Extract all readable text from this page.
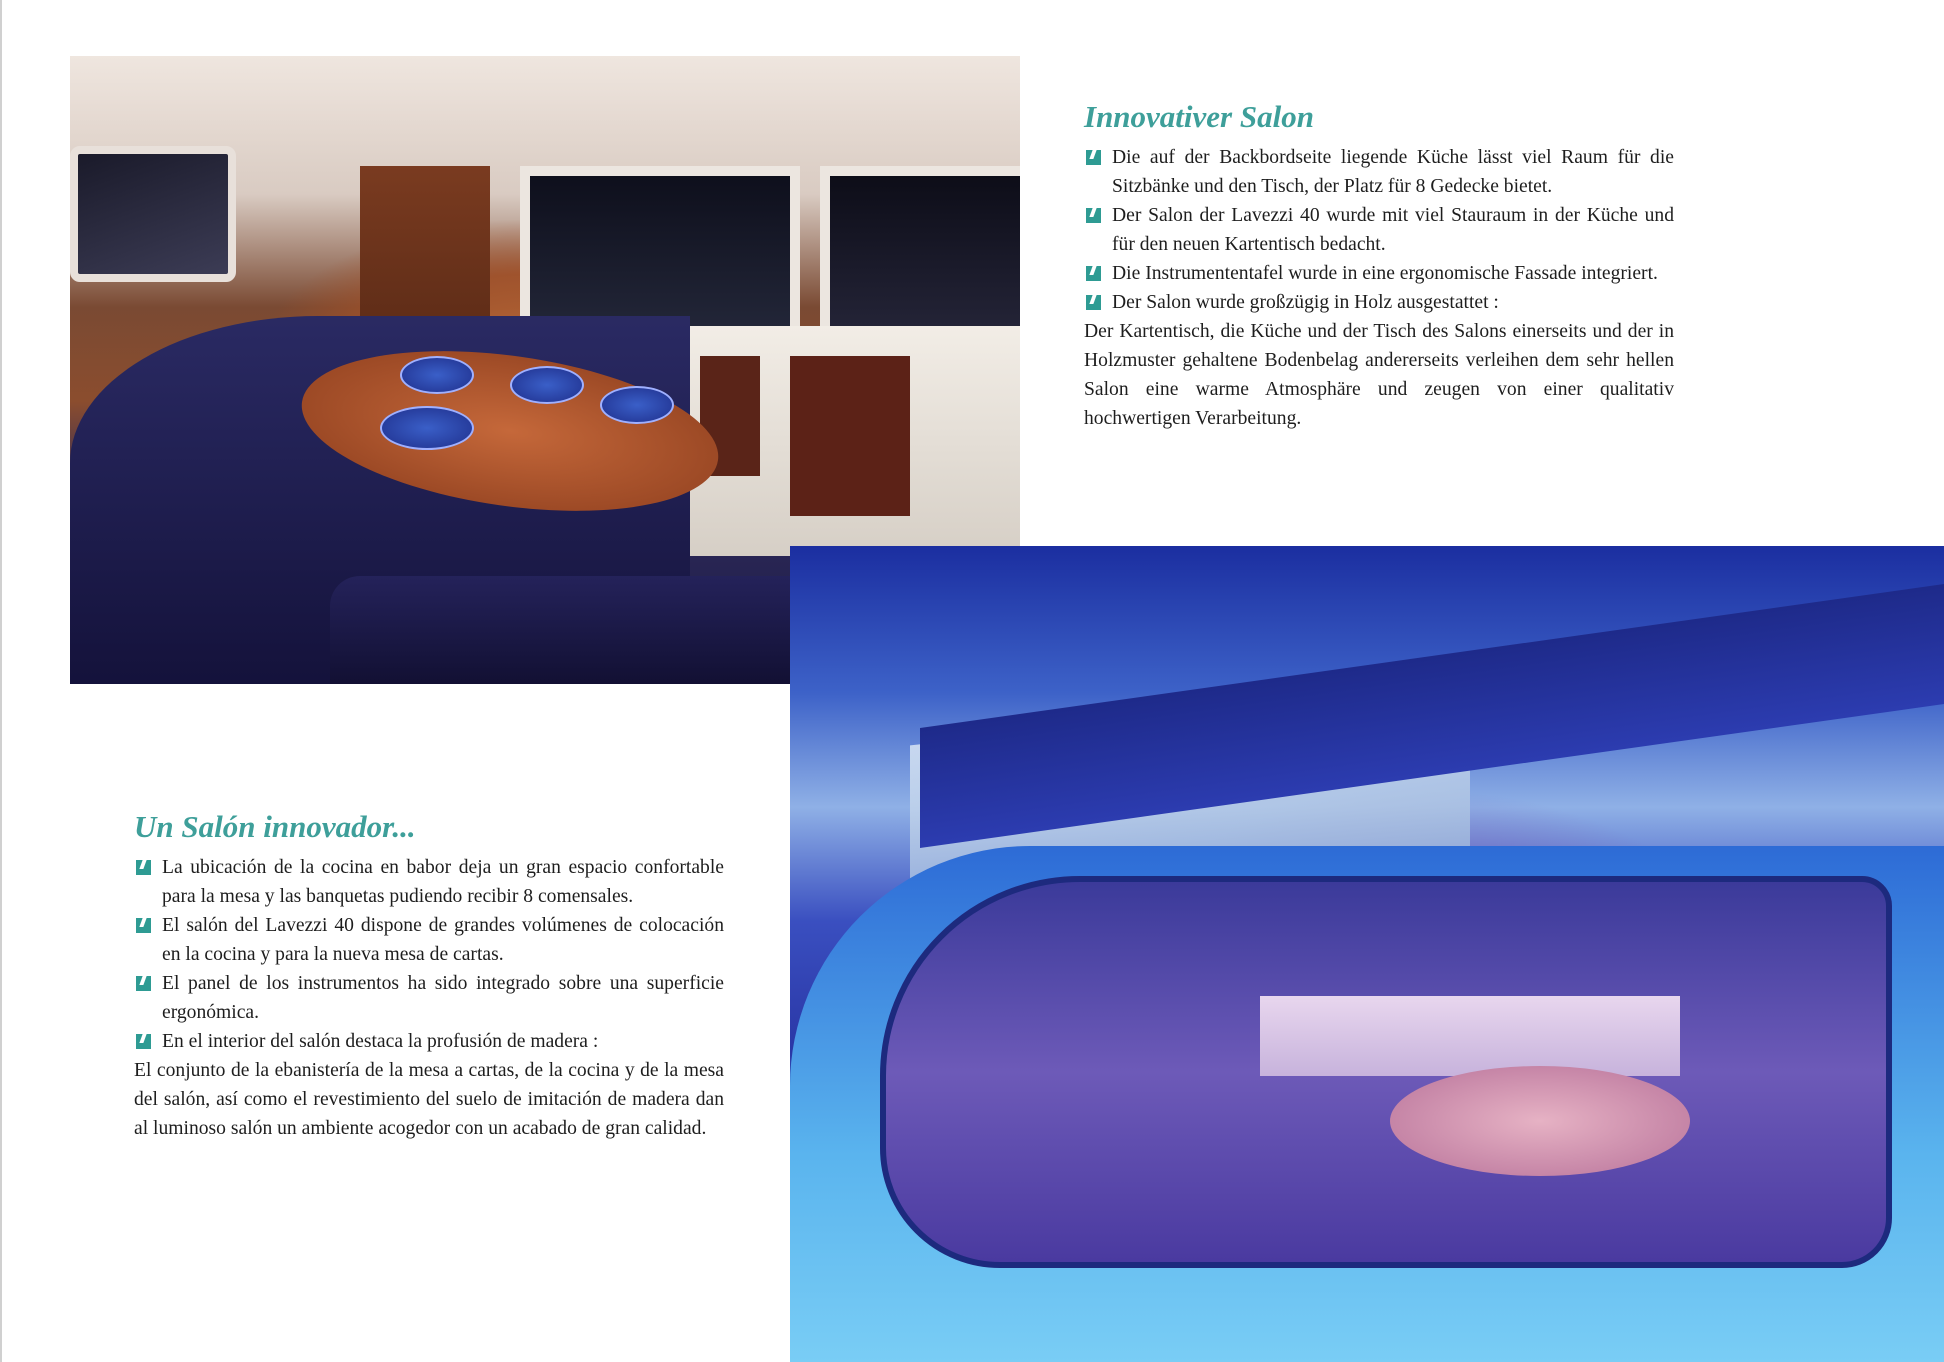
Innovativer Salon
Die auf der Backbordseite liegende Küche lässt viel Raum für die Sitzbänke und den Tisch, der Platz für 8 Gedecke bietet.
Der Salon der Lavezzi 40 wurde mit viel Stauraum in der Küche und für den neuen Kartentisch bedacht.
Die Instrumententafel wurde in eine ergonomische Fassade integriert.
Der Salon wurde großzügig in Holz ausgestattet :

Der Kartentisch, die Küche und der Tisch des Salons einerseits und der in Holzmuster gehaltene Bodenbelag andererseits verleihen dem sehr hellen Salon eine warme Atmosphäre und zeugen von einer qualitativ hochwertigen Verarbeitung.

Un Salón innovador...
La ubicación de la cocina en babor deja un gran espacio confortable para la mesa y las banquetas pudiendo recibir 8 comensales.
El salón del Lavezzi 40 dispone de grandes volúmenes de colocación en la cocina y para la nueva mesa de cartas.
El panel de los instrumentos ha sido integrado sobre una superficie ergonómica.
En el interior del salón destaca la profusión de madera :

El conjunto de la ebanistería de la mesa a cartas, de la cocina y de la mesa del salón, así como el revestimiento del suelo de imitación de madera dan al luminoso salón un ambiente acogedor con un acabado de gran calidad.
